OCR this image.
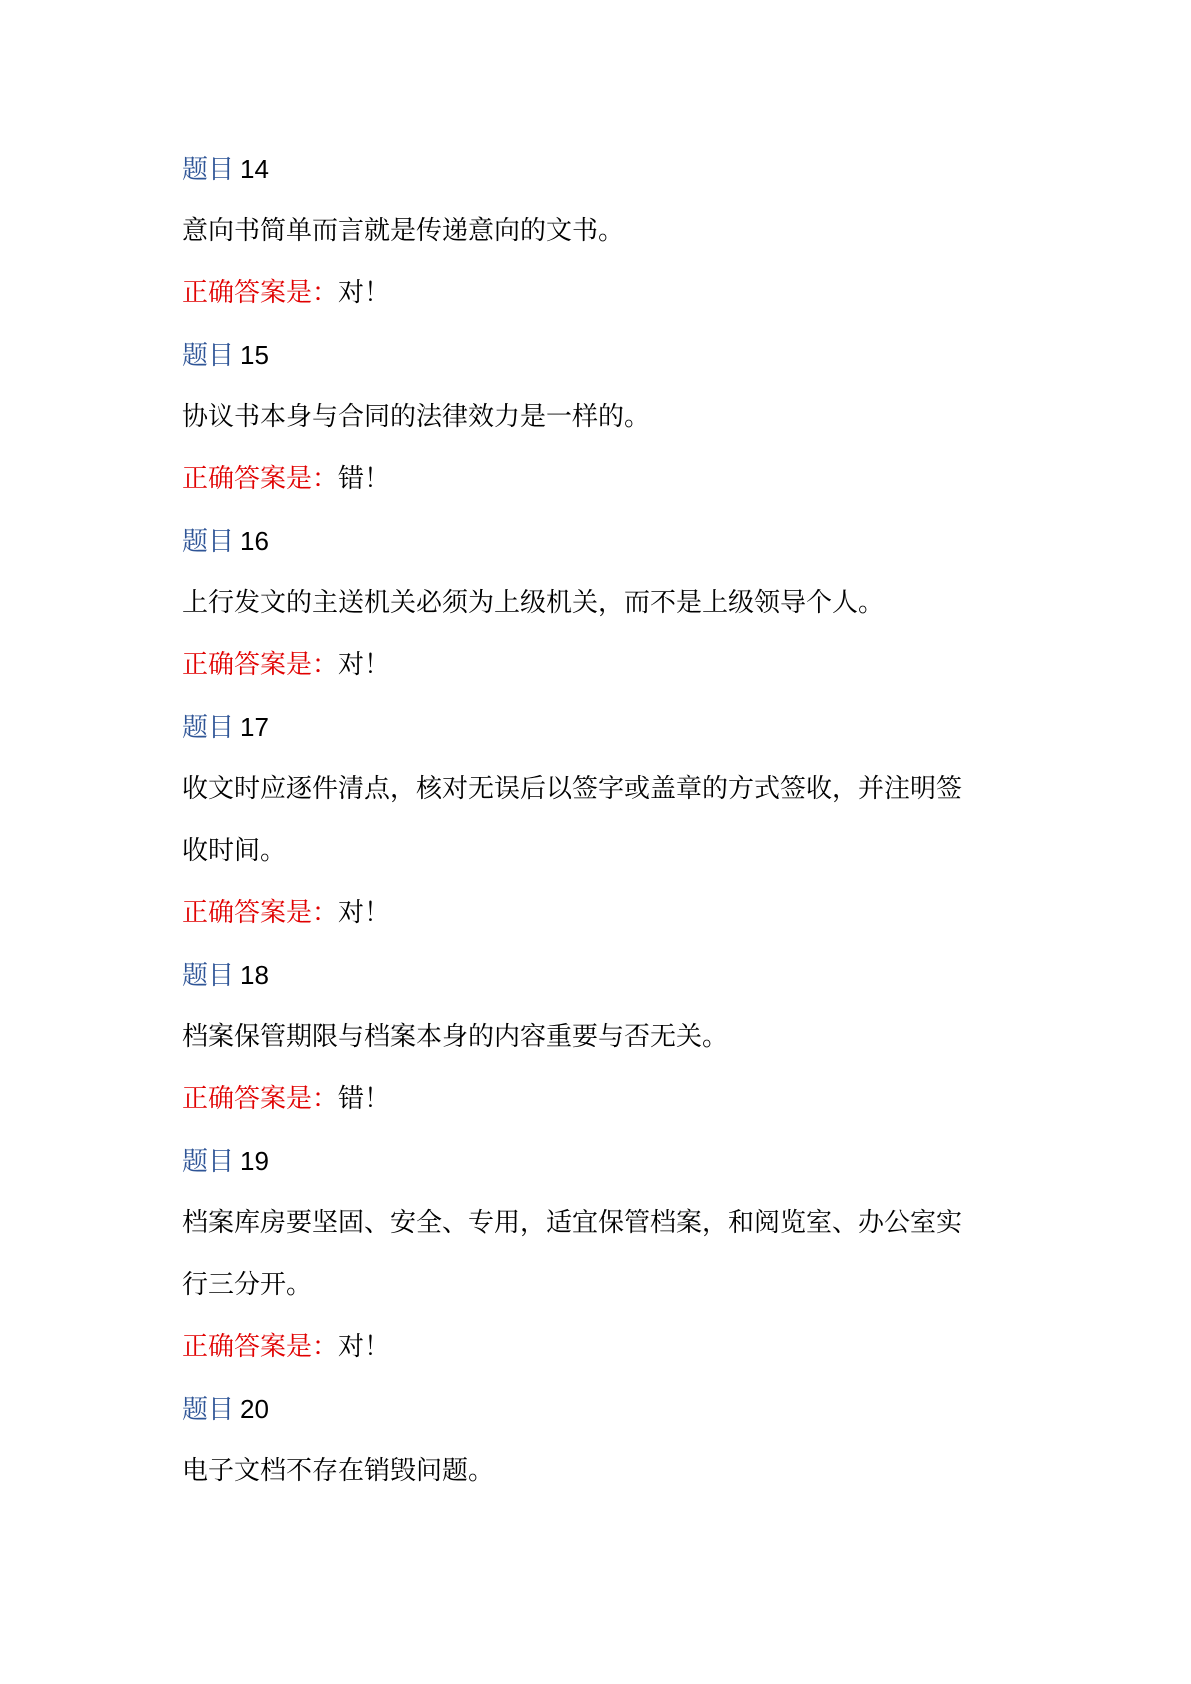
题目 14
意向书简单而言就是传递意向的文书。
正确答案是：对！
题目 15
协议书本身与合同的法律效力是一样的。
正确答案是：错！
题目 16
上行发文的主送机关必须为上级机关，而不是上级领导个人。
正确答案是：对！
题目 17
收文时应逐件清点，核对无误后以签字或盖章的方式签收，并注明签
收时间。
正确答案是：对！
题目 18
档案保管期限与档案本身的内容重要与否无关。
正确答案是：错！
题目 19
档案库房要坚固、安全、专用，适宜保管档案，和阅览室、办公室实
行三分开。
正确答案是：对！
题目 20
电子文档不存在销毁问题。
